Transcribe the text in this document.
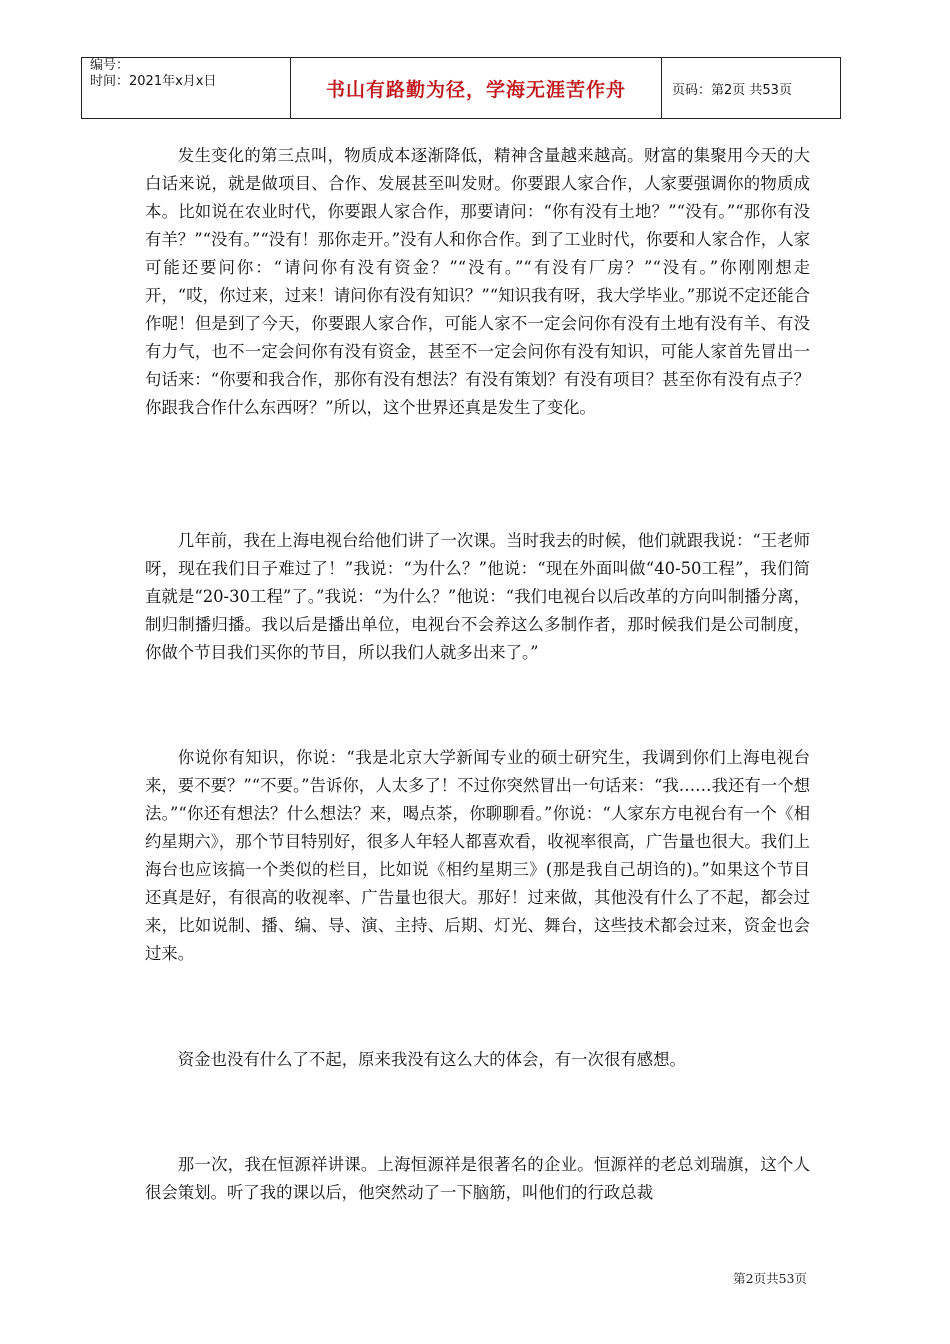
编号：
时间：2021年x月x日	书山有路勤为径，学海无涯苦作舟	页码：第2页 共53页

发生变化的第三点叫，物质成本逐渐降低，精神含量越来越高。财富的集聚用今天的大白话来说，就是做项目、合作、发展甚至叫发财。你要跟人家合作，人家要强调你的物质成本。比如说在农业时代，你要跟人家合作，那要请问：“你有没有土地？”“没有。”“那你有没有羊？”“没有。”“没有！那你走开。”没有人和你合作。到了工业时代，你要和人家合作，人家可能还要问你：“请问你有没有资金？”“没有。”“有没有厂房？”“没有。”你刚刚想走开，“哎，你过来，过来！请问你有没有知识？”“知识我有呀，我大学毕业。”那说不定还能合作呢！但是到了今天，你要跟人家合作，可能人家不一定会问你有没有土地有没有羊、有没有力气，也不一定会问你有没有资金，甚至不一定会问你有没有知识，可能人家首先冒出一句话来：“你要和我合作，那你有没有想法？有没有策划？有没有项目？甚至你有没有点子？你跟我合作什么东西呀？”所以，这个世界还真是发生了变化。

几年前，我在上海电视台给他们讲了一次课。当时我去的时候，他们就跟我说：“王老师呀，现在我们日子难过了！”我说：“为什么？”他说：“现在外面叫做“40-50工程”，我们简直就是“20-30工程”了。”我说：“为什么？”他说：“我们电视台以后改革的方向叫制播分离，制归制播归播。我以后是播出单位，电视台不会养这么多制作者，那时候我们是公司制度，你做个节目我们买你的节目，所以我们人就多出来了。”

你说你有知识，你说：“我是北京大学新闻专业的硕士研究生，我调到你们上海电视台来，要不要？”“不要。”告诉你，人太多了！不过你突然冒出一句话来：“我……我还有一个想法。”“你还有想法？什么想法？来，喝点茶，你聊聊看。”你说：“人家东方电视台有一个《相约星期六》，那个节目特别好，很多人年轻人都喜欢看，收视率很高，广告量也很大。我们上海台也应该搞一个类似的栏目，比如说《相约星期三》(那是我自己胡诌的)。”如果这个节目还真是好，有很高的收视率、广告量也很大。那好！过来做，其他没有什么了不起，都会过来，比如说制、播、编、导、演、主持、后期、灯光、舞台，这些技术都会过来，资金也会过来。

资金也没有什么了不起，原来我没有这么大的体会，有一次很有感想。

那一次，我在恒源祥讲课。上海恒源祥是很著名的企业。恒源祥的老总刘瑞旗，这个人很会策划。听了我的课以后，他突然动了一下脑筋，叫他们的行政总裁

第2页共53页
